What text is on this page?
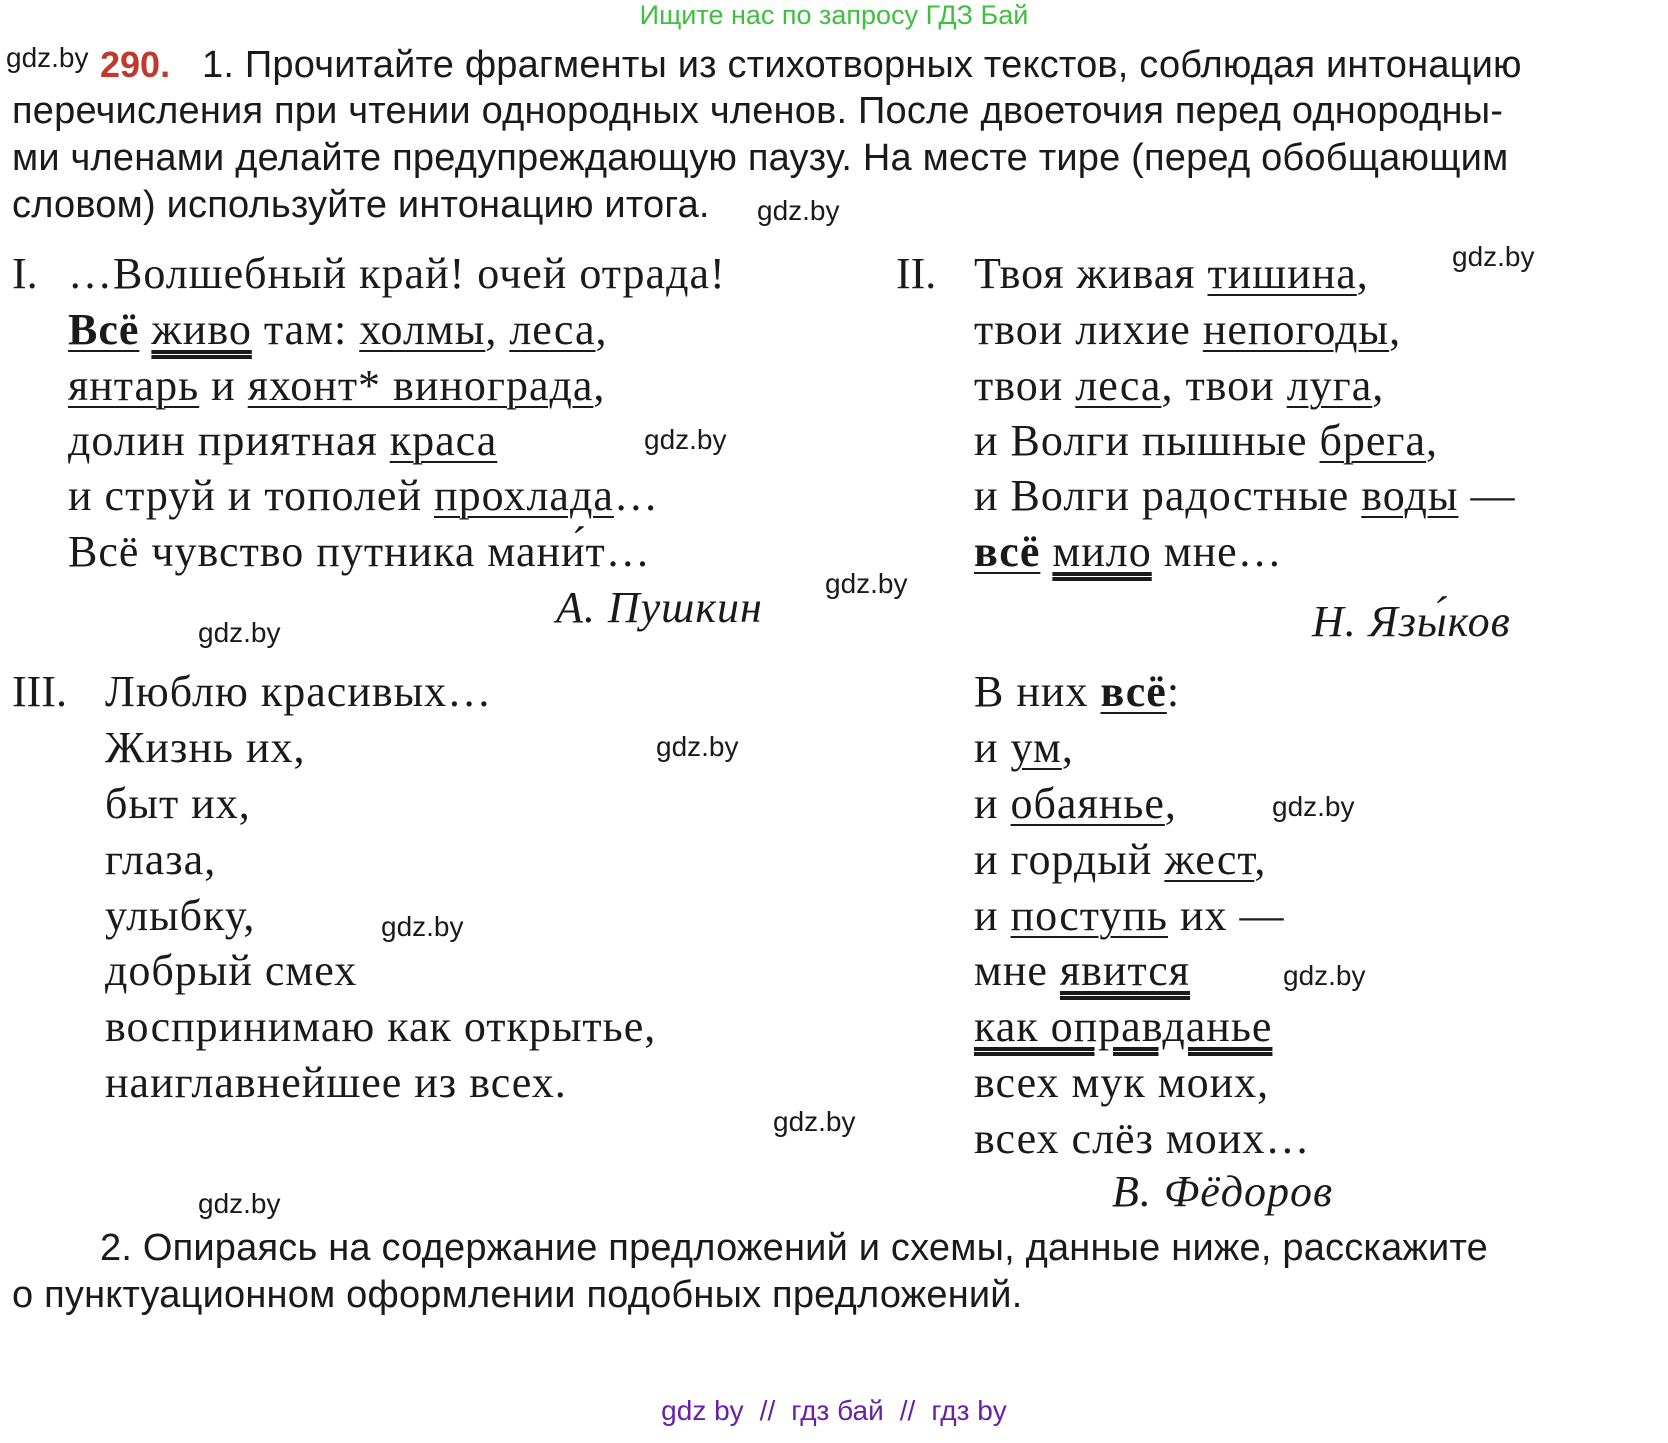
Ищите нас по запросу ГДЗ Бай
gdz.by 290. 1. Прочитайте фрагменты из стихотворных текстов, соблюдая интонацию
перечисления при чтении однородных членов. После двоеточия перед однородны-
ми членами делайте предупреждающую паузу. На месте тире (перед обобщающим
словом) используйте интонацию итога. gdz.by
I. …Волшебный край! очей отрада!
Всё живо там: холмы, леса,
янтарь и яхонт* винограда,
долин приятная краса	gdz.by
и струй и тополей прохлада…
Всё чувство путника мани́т…
А. Пушкин gdz.by
gdz.by
II. Твоя живая тишина,	gdz.by
твои лихие непогоды,
твои леса, твои луга,
и Волги пышные брега,
и Волги радостные воды —
всё мило мне…
Н. Язы́ков
III. Люблю красивых…
Жизнь их,	gdz.by
быт их,
глаза,
улыбку,	gdz.by
добрый смех
воспринимаю как открытье,
наиглавнейшее из всех.
gdz.by
gdz.by
В них всё:
и ум,
и обаянье,	gdz.by
и гордый жест,
и поступь их —
мне явится	gdz.by
как оправданье
всех мук моих,
всех слёз моих…
В. Фёдоров
2. Опираясь на содержание предложений и схемы, данные ниже, расскажите
о пунктуационном оформлении подобных предложений.
gdz by // гдз бай // гдз by
